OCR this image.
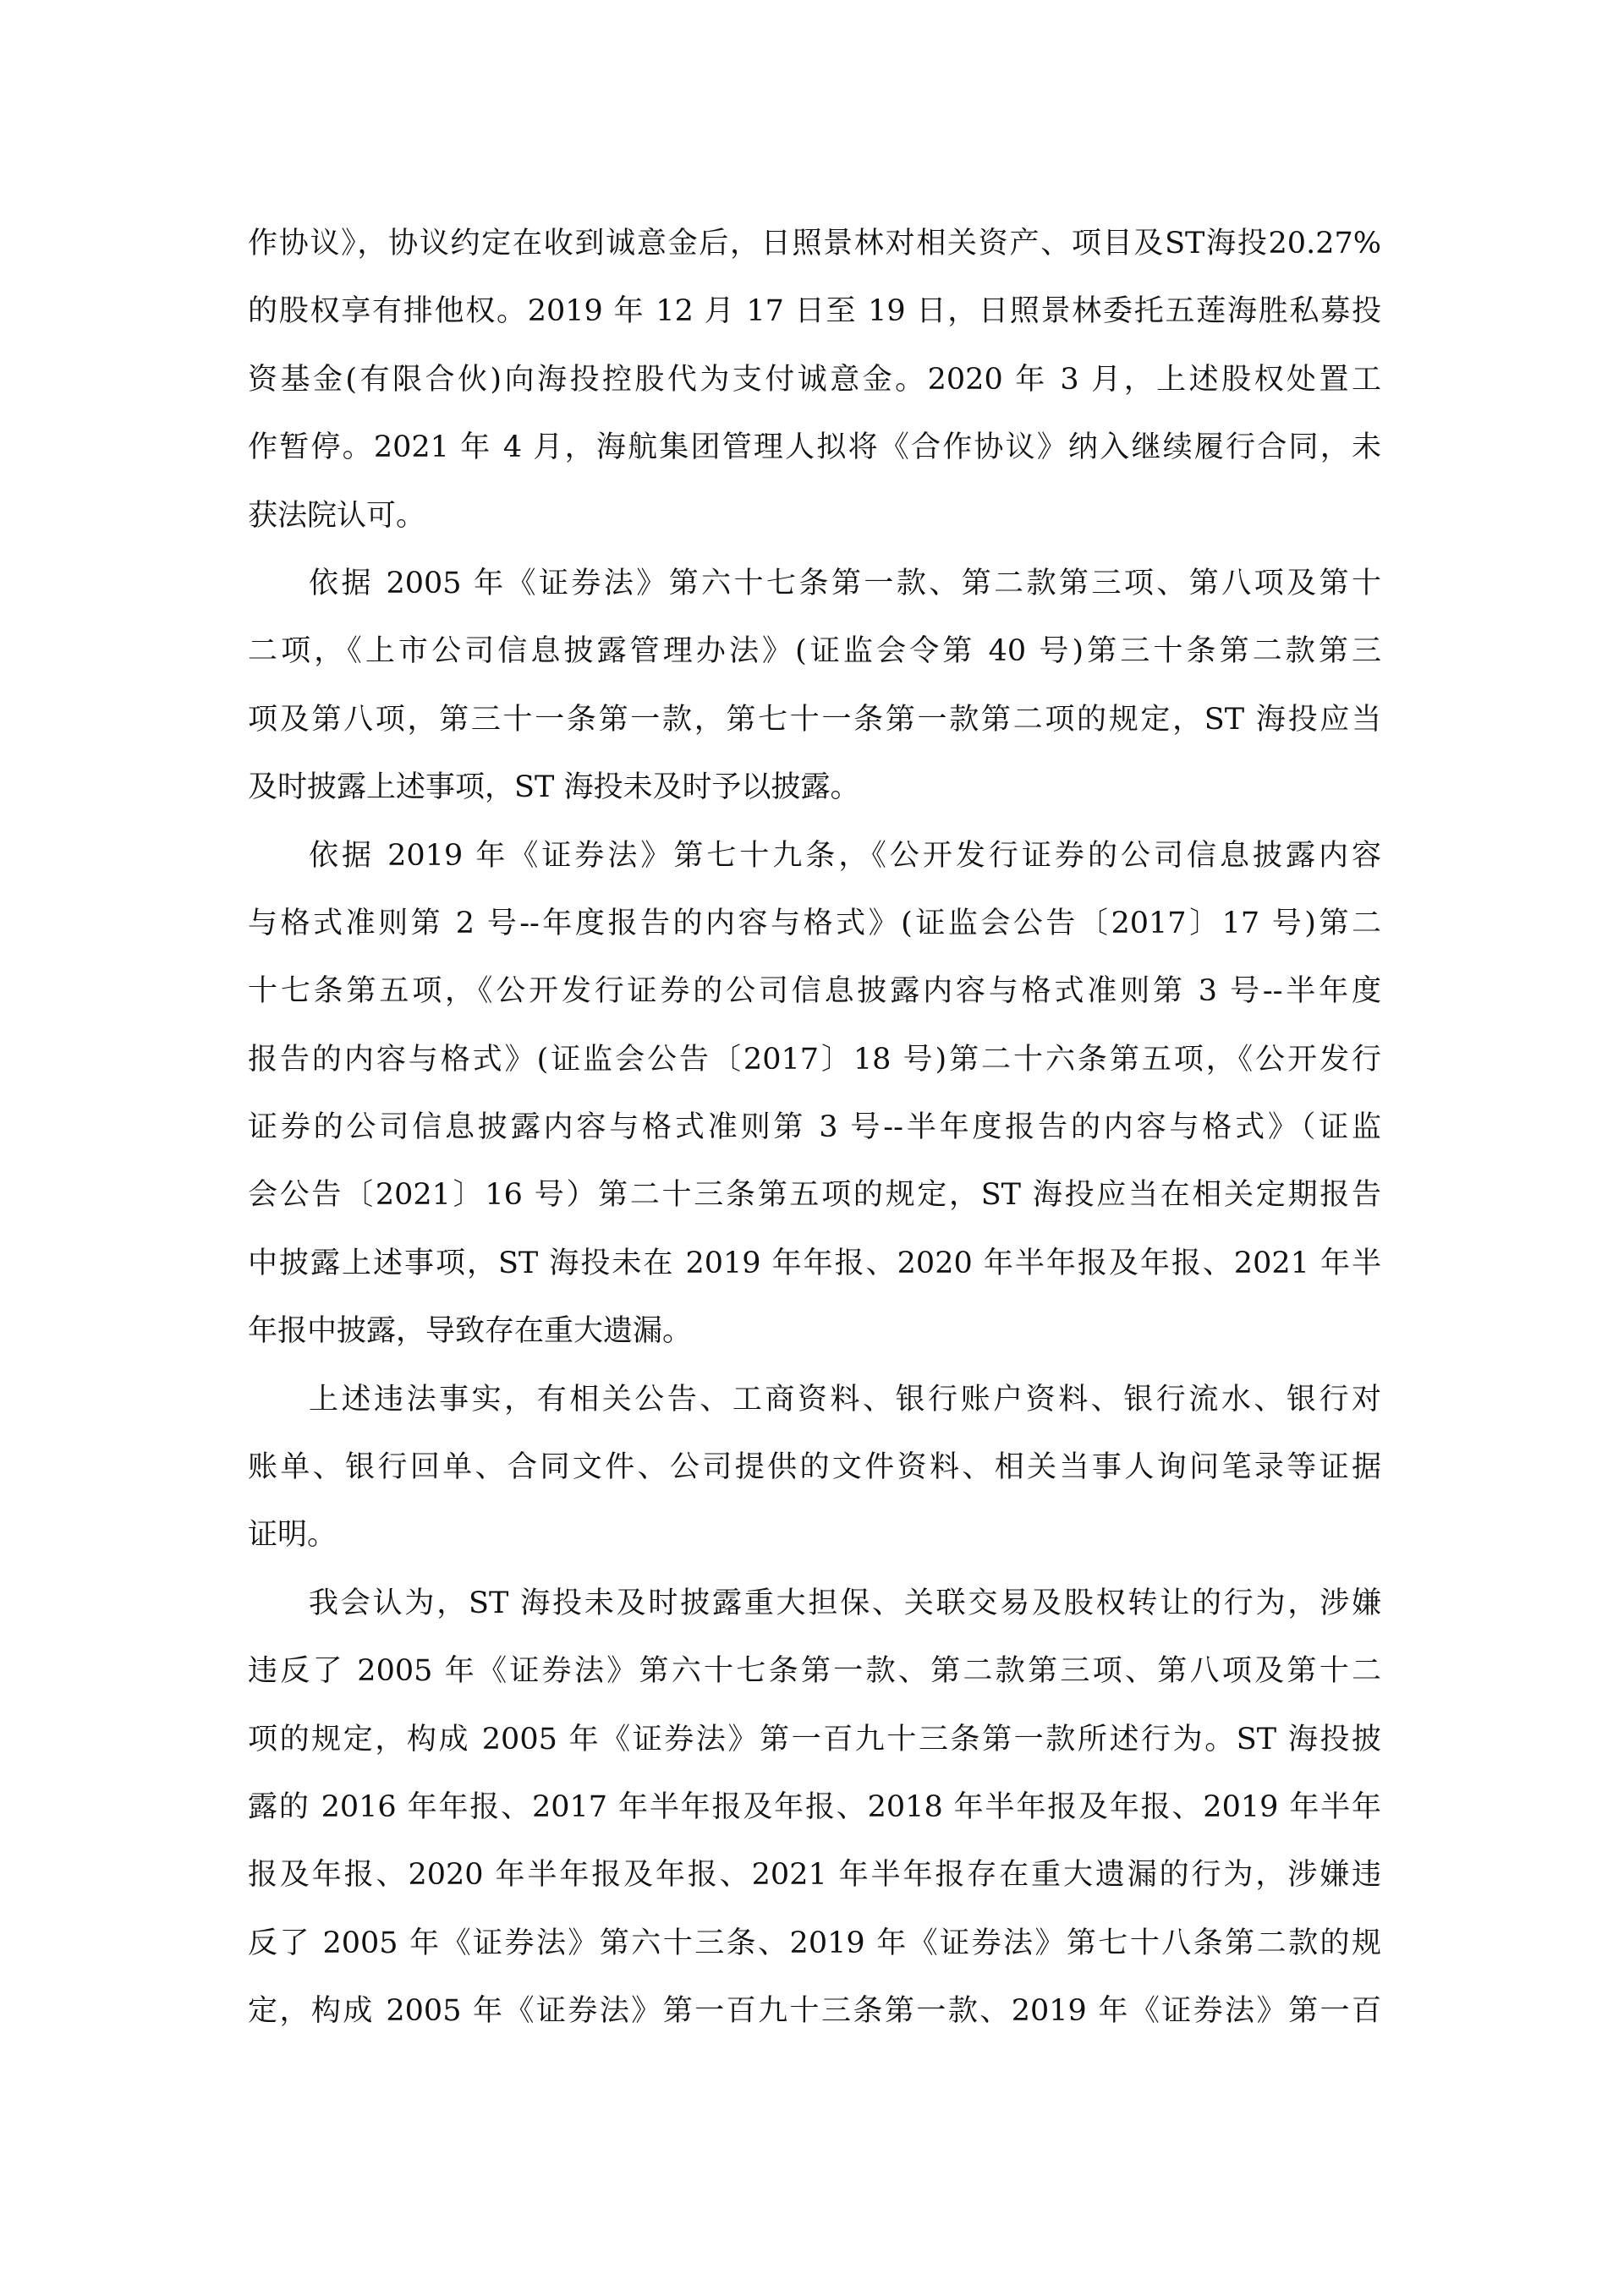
作协议》，协议约定在收到诚意金后，日照景林对相关资产、项目及ST海投20.27%
的股权享有排他权。2019 年 12 月 17 日至 19 日，日照景林委托五莲海胜私募投
资基金(有限合伙)向海投控股代为支付诚意金。2020 年 3 月，上述股权处置工
作暂停。2021 年 4 月，海航集团管理人拟将《合作协议》纳入继续履行合同，未
获法院认可。
依据 2005 年《证券法》第六十七条第一款、第二款第三项、第八项及第十
二项，《上市公司信息披露管理办法》(证监会令第 40 号)第三十条第二款第三
项及第八项，第三十一条第一款，第七十一条第一款第二项的规定，ST 海投应当
及时披露上述事项，ST 海投未及时予以披露。
依据 2019 年《证券法》第七十九条，《公开发行证券的公司信息披露内容
与格式准则第 2 号--年度报告的内容与格式》(证监会公告〔2017〕17 号)第二
十七条第五项，《公开发行证券的公司信息披露内容与格式准则第 3 号--半年度
报告的内容与格式》(证监会公告〔2017〕18 号)第二十六条第五项，《公开发行
证券的公司信息披露内容与格式准则第 3 号--半年度报告的内容与格式》（证监
会公告〔2021〕16 号）第二十三条第五项的规定，ST 海投应当在相关定期报告
中披露上述事项，ST 海投未在 2019 年年报、2020 年半年报及年报、2021 年半
年报中披露，导致存在重大遗漏。
上述违法事实，有相关公告、工商资料、银行账户资料、银行流水、银行对
账单、银行回单、合同文件、公司提供的文件资料、相关当事人询问笔录等证据
证明。
我会认为，ST 海投未及时披露重大担保、关联交易及股权转让的行为，涉嫌
违反了 2005 年《证券法》第六十七条第一款、第二款第三项、第八项及第十二
项的规定，构成 2005 年《证券法》第一百九十三条第一款所述行为。ST 海投披
露的 2016 年年报、2017 年半年报及年报、2018 年半年报及年报、2019 年半年
报及年报、2020 年半年报及年报、2021 年半年报存在重大遗漏的行为，涉嫌违
反了 2005 年《证券法》第六十三条、2019 年《证券法》第七十八条第二款的规
定，构成 2005 年《证券法》第一百九十三条第一款、2019 年《证券法》第一百
